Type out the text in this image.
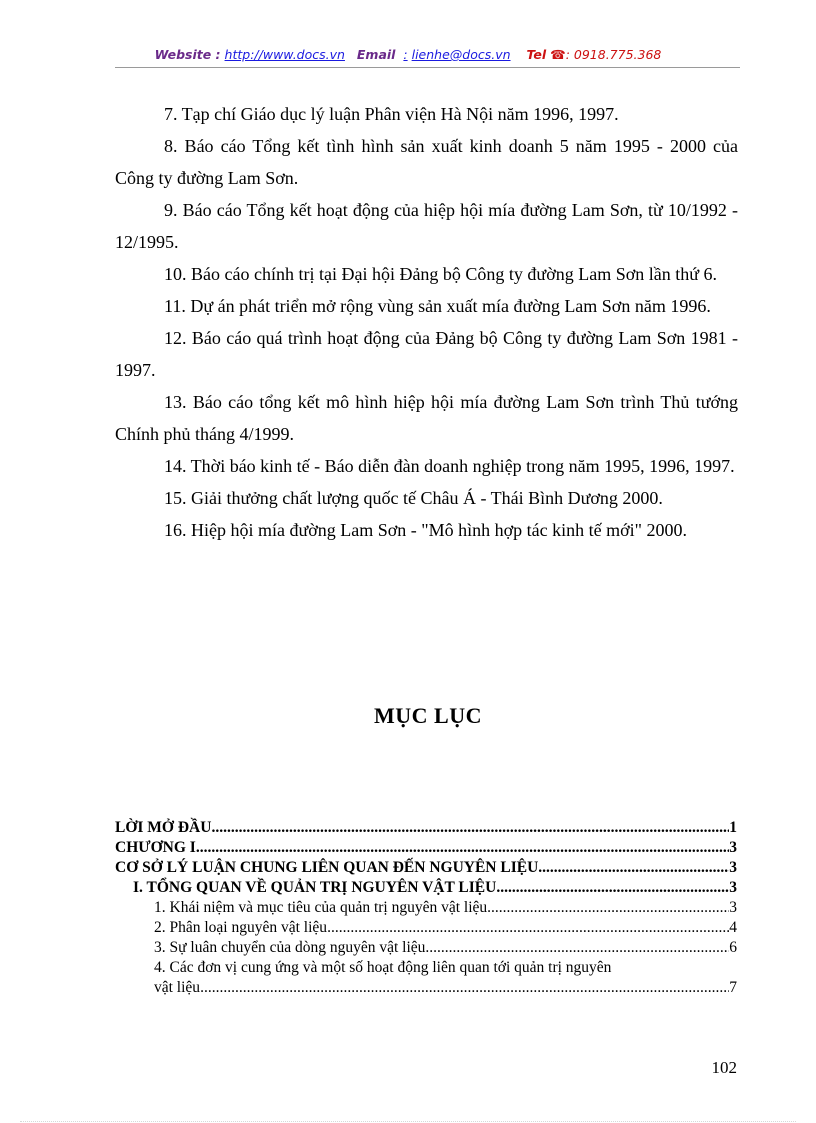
Website : http://www.docs.vn Email : lienhe@docs.vn Tel ☎: 0918.775.368

7. Tạp chí Giáo dục lý luận Phân viện Hà Nội năm 1996, 1997.

8. Báo cáo Tổng kết tình hình sản xuất kinh doanh 5 năm 1995 - 2000 của Công ty đường Lam Sơn.

9. Báo cáo Tổng kết hoạt động của hiệp hội mía đường Lam Sơn, từ 10/1992 - 12/1995.

10. Báo cáo chính trị tại Đại hội Đảng bộ Công ty đường Lam Sơn lần thứ 6.

11. Dự án phát triển mở rộng vùng sản xuất mía đường Lam Sơn năm 1996.

12. Báo cáo quá trình hoạt động của Đảng bộ Công ty đường Lam Sơn 1981 - 1997.

13. Báo cáo tổng kết mô hình hiệp hội mía đường Lam Sơn trình Thủ tướng Chính phủ tháng 4/1999.

14. Thời báo kinh tế - Báo diễn đàn doanh nghiệp trong năm 1995, 1996, 1997.

15. Giải thưởng chất lượng quốc tế Châu Á - Thái Bình Dương 2000.

16. Hiệp hội mía đường Lam Sơn - "Mô hình hợp tác kinh tế mới" 2000.

MỤC LỤC
LỜI MỞ ĐẦU .....	1
CHƯƠNG I .....	3
CƠ SỞ LÝ LUẬN CHUNG LIÊN QUAN ĐẾN NGUYÊN LIỆU .....	3
I. TỔNG QUAN VỀ QUẢN TRỊ NGUYÊN VẬT LIỆU .....	3
1. Khái niệm và mục tiêu của quản trị nguyên vật liệu .....	3
2. Phân loại nguyên vật liệu .....	4
3. Sự luân chuyển của dòng nguyên vật liệu .....	6
4. Các đơn vị cung ứng và một số hoạt động liên quan tới quản trị nguyên
vật liệu .....	7
102
